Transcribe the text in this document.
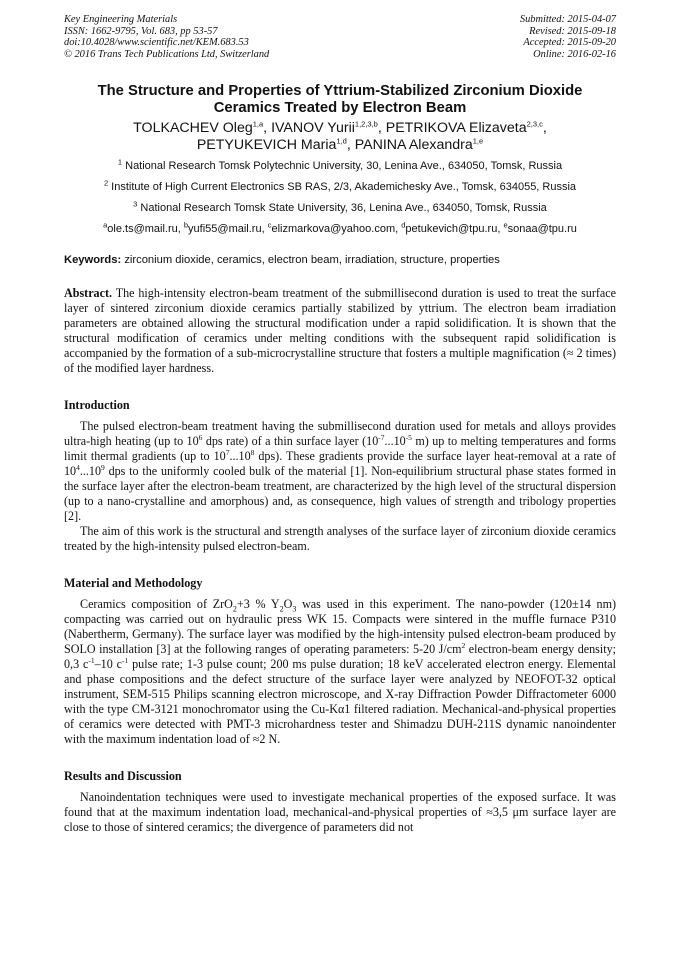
Key Engineering Materials
ISSN: 1662-9795, Vol. 683, pp 53-57
doi:10.4028/www.scientific.net/KEM.683.53
© 2016 Trans Tech Publications Ltd, Switzerland
Submitted: 2015-04-07
Revised: 2015-09-18
Accepted: 2015-09-20
Online: 2016-02-16
The Structure and Properties of Yttrium-Stabilized Zirconium Dioxide
Ceramics Treated by Electron Beam
TOLKACHEV Oleg$^{1,a}$, IVANOV Yurii$^{1,2,3,b}$, PETRIKOVA Elizaveta$^{2,3,c}$,
PETYUKEVICH Maria$^{1,d}$, PANINA Alexandra$^{1,e}$
$^1$ National Research Tomsk Polytechnic University, 30, Lenina Ave., 634050, Tomsk, Russia
$^2$ Institute of High Current Electronics SB RAS, 2/3, Akademichesky Ave., Tomsk, 634055, Russia
$^3$ National Research Tomsk State University, 36, Lenina Ave., 634050, Tomsk, Russia
$^a$ole.ts@mail.ru, $^b$yufi55@mail.ru, $^c$elizmarkova@yahoo.com, $^d$petukevich@tpu.ru, $^e$sonaa@tpu.ru
Keywords: zirconium dioxide, ceramics, electron beam, irradiation, structure, properties
Abstract. The high-intensity electron-beam treatment of the submillisecond duration is used to treat the surface layer of sintered zirconium dioxide ceramics partially stabilized by yttrium. The electron beam irradiation parameters are obtained allowing the structural modification under a rapid solidification. It is shown that the structural modification of ceramics under melting conditions with the subsequent rapid solidification is accompanied by the formation of a sub-microcrystalline structure that fosters a multiple magnification (≈ 2 times) of the modified layer hardness.
Introduction
The pulsed electron-beam treatment having the submillisecond duration used for metals and alloys provides ultra-high heating (up to $10^6$ dps rate) of a thin surface layer ($10^{-7}...10^{-5}$ m) up to melting temperatures and forms limit thermal gradients (up to $10^7...10^8$ dps). These gradients provide the surface layer heat-removal at a rate of $10^4...10^9$ dps to the uniformly cooled bulk of the material [1]. Non-equilibrium structural phase states formed in the surface layer after the electron-beam treatment, are characterized by the high level of the structural dispersion (up to a nano-crystalline and amorphous) and, as consequence, high values of strength and tribology properties [2].
The aim of this work is the structural and strength analyses of the surface layer of zirconium dioxide ceramics treated by the high-intensity pulsed electron-beam.
Material and Methodology
Ceramics composition of ZrO$_2$+3 % $Y_2O_3$ was used in this experiment. The nano-powder (120±14 nm) compacting was carried out on hydraulic press WK 15. Compacts were sintered in the muffle furnace P310 (Nabertherm, Germany). The surface layer was modified by the high-intensity pulsed electron-beam produced by SOLO installation [3] at the following ranges of operating parameters: 5-20 $J/cm^2$ electron-beam energy density; 0,3 $c^{-1}-10$ $c^{-1}$ pulse rate; 1-3 pulse count; 200 ms pulse duration; 18 keV accelerated electron energy. Elemental and phase compositions and the defect structure of the surface layer were analyzed by NEOFOT-32 optical instrument, SEM-515 Philips scanning electron microscope, and X-ray Diffraction Powder Diffractometer 6000 with the type CM-3121 monochromator using the Cu-Kα1 filtered radiation. Mechanical-and-physical properties of ceramics were detected with PMT-3 microhardness tester and Shimadzu DUH-211S dynamic nanoindenter with the maximum indentation load of ≈2 N.
Results and Discussion
Nanoindentation techniques were used to investigate mechanical properties of the exposed surface. It was found that at the maximum indentation load, mechanical-and-physical properties of ≈3,5 μm surface layer are close to those of sintered ceramics; the divergence of parameters did not
